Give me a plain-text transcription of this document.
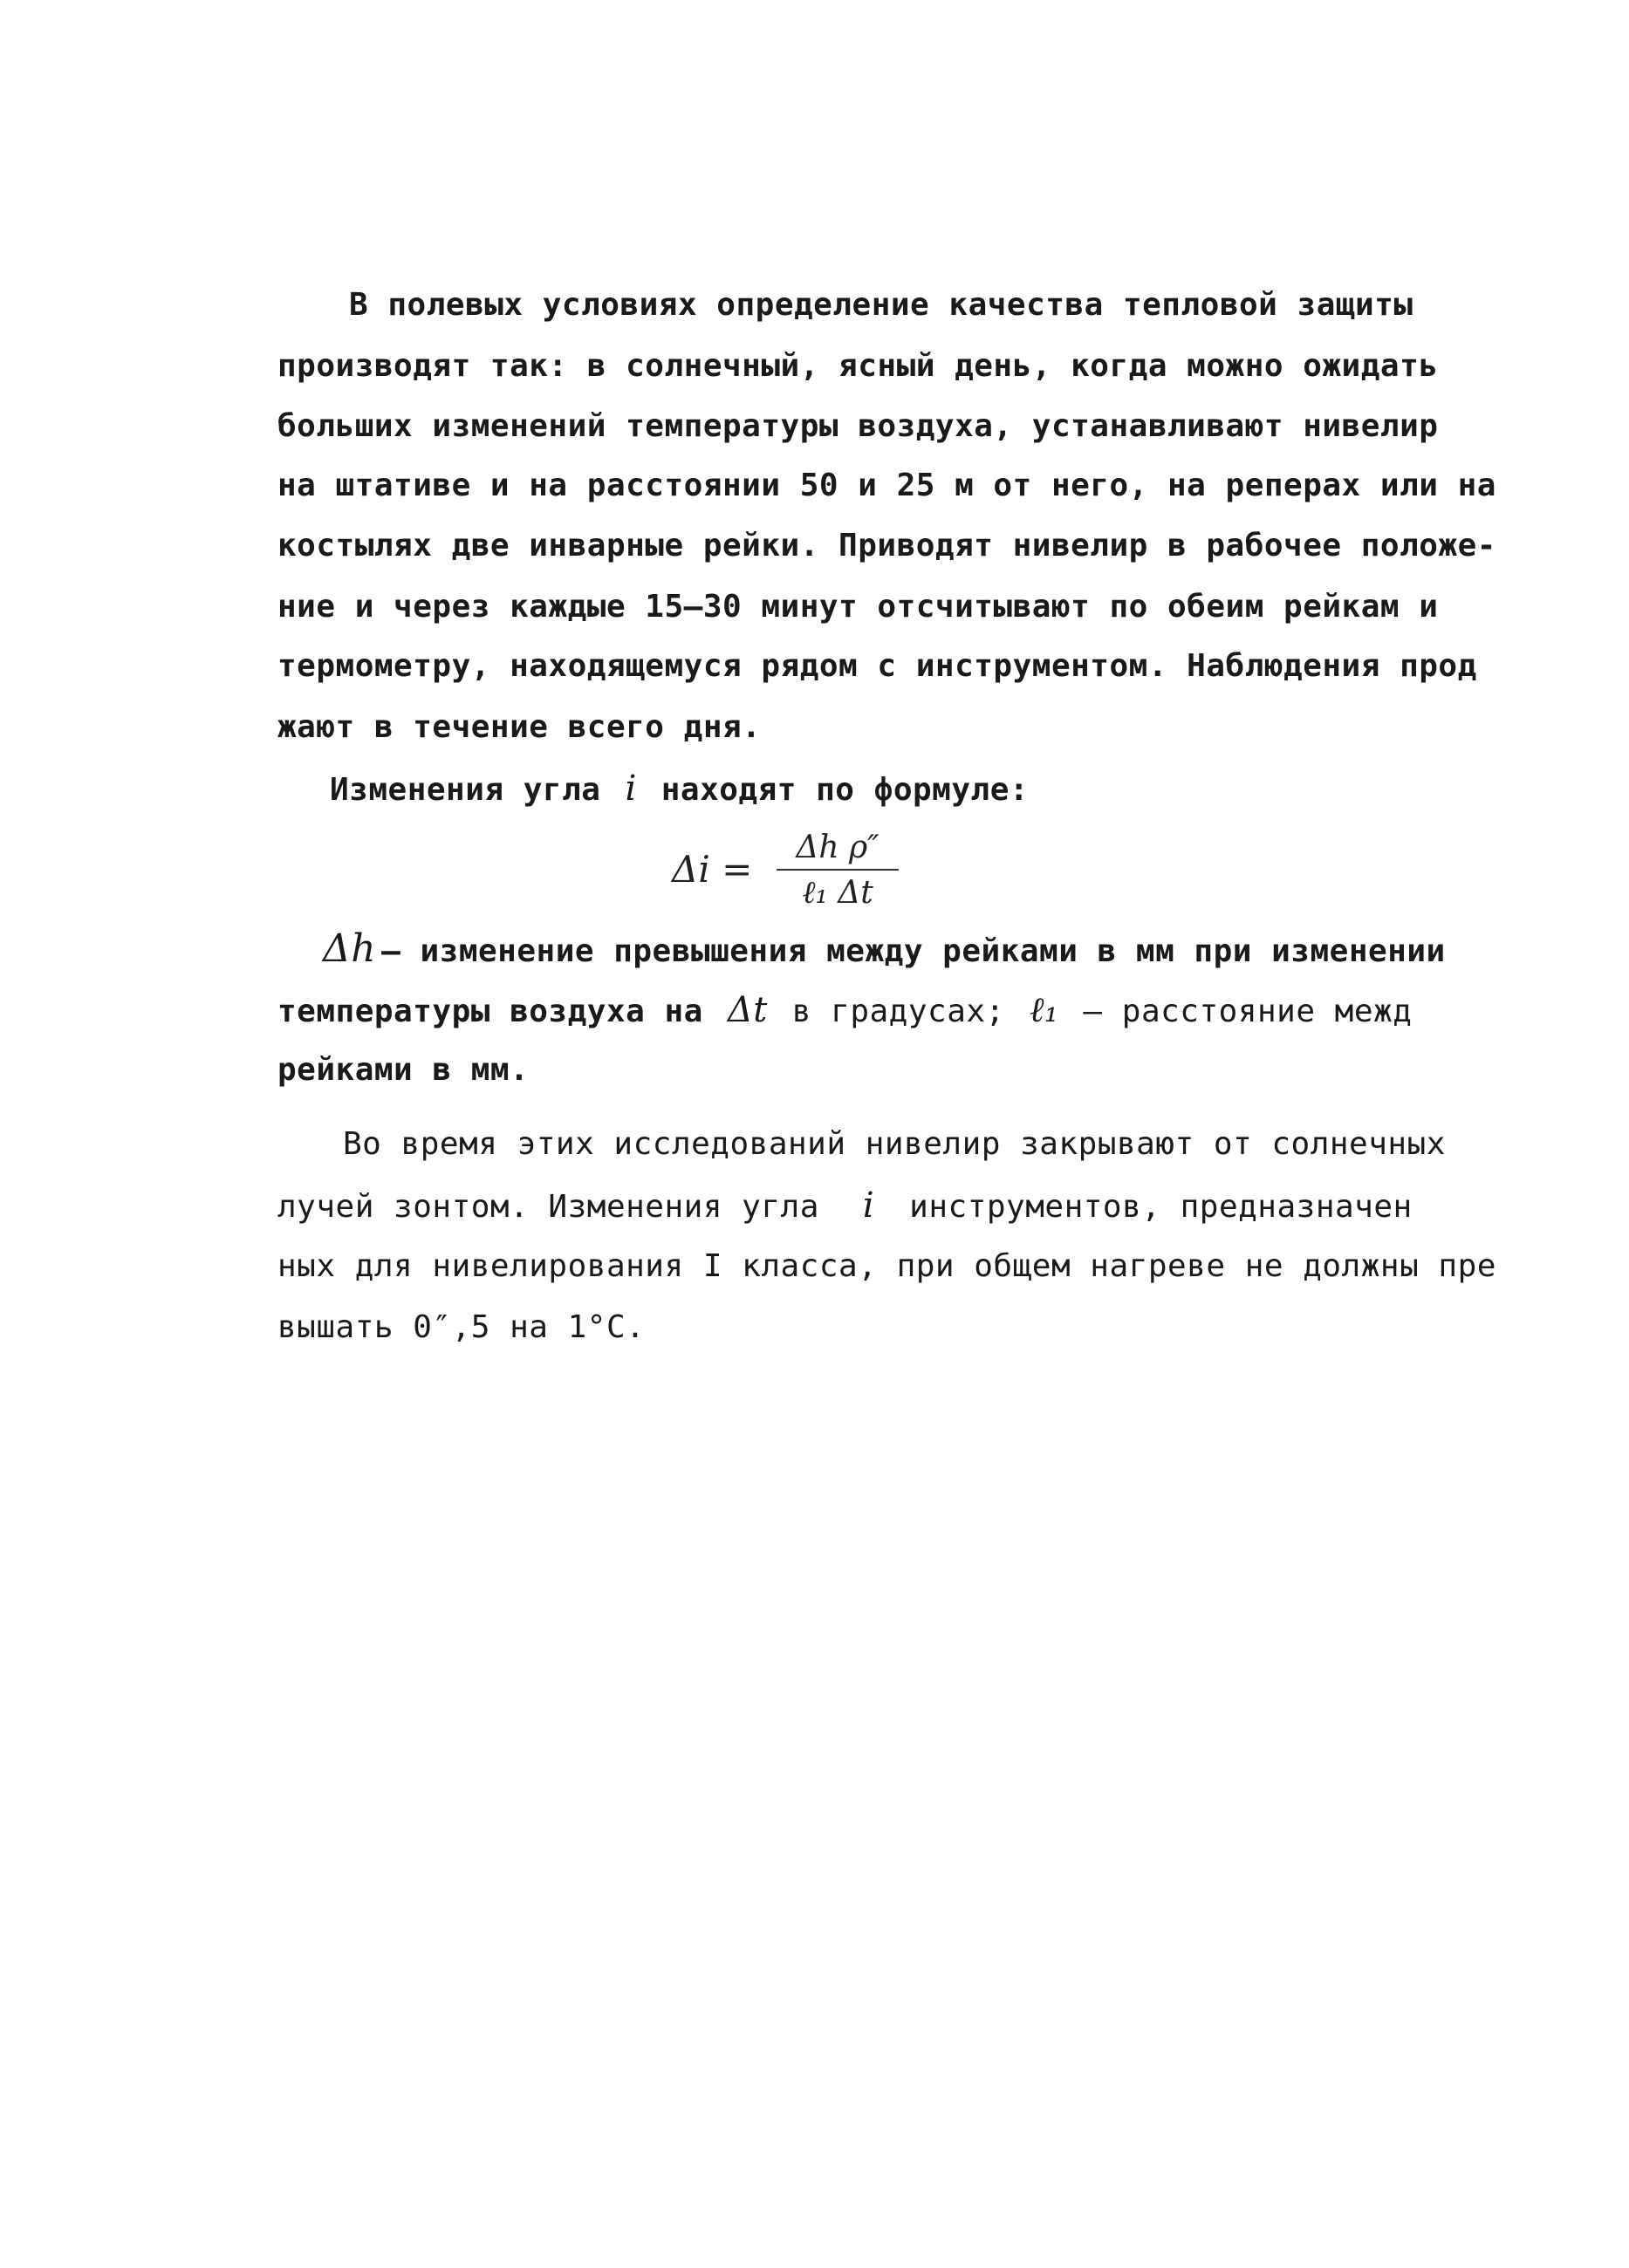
В полевых условиях определение качества тепловой защиты
производят так: в солнечный, ясный день, когда можно ожидать
больших изменений температуры воздуха, устанавливают нивелир
на штативе и на расстоянии 50 и 25 м от него, на реперах или на
костылях две инварные рейки. Приводят нивелир в рабочее положе-
ние и через каждые 15–30 минут отсчитывают по обеим рейкам и
термометру, находящемуся рядом с инструментом. Наблюдения прод
жают в течение всего дня.
Изменения угла i находят по формуле:
Δi =
Δh ρ″
ℓ₁ Δt
Δh – изменение превышения между рейками в мм при изменении
температуры воздуха на Δt в градусах; ℓ₁ – расстояние межд
рейками в мм.
Во время этих исследований нивелир закрывают от солнечных
лучей зонтом. Изменения угла i инструментов, предназначен
ных для нивелирования I класса, при общем нагреве не должны пре
вышать 0″,5 на 1°С.
